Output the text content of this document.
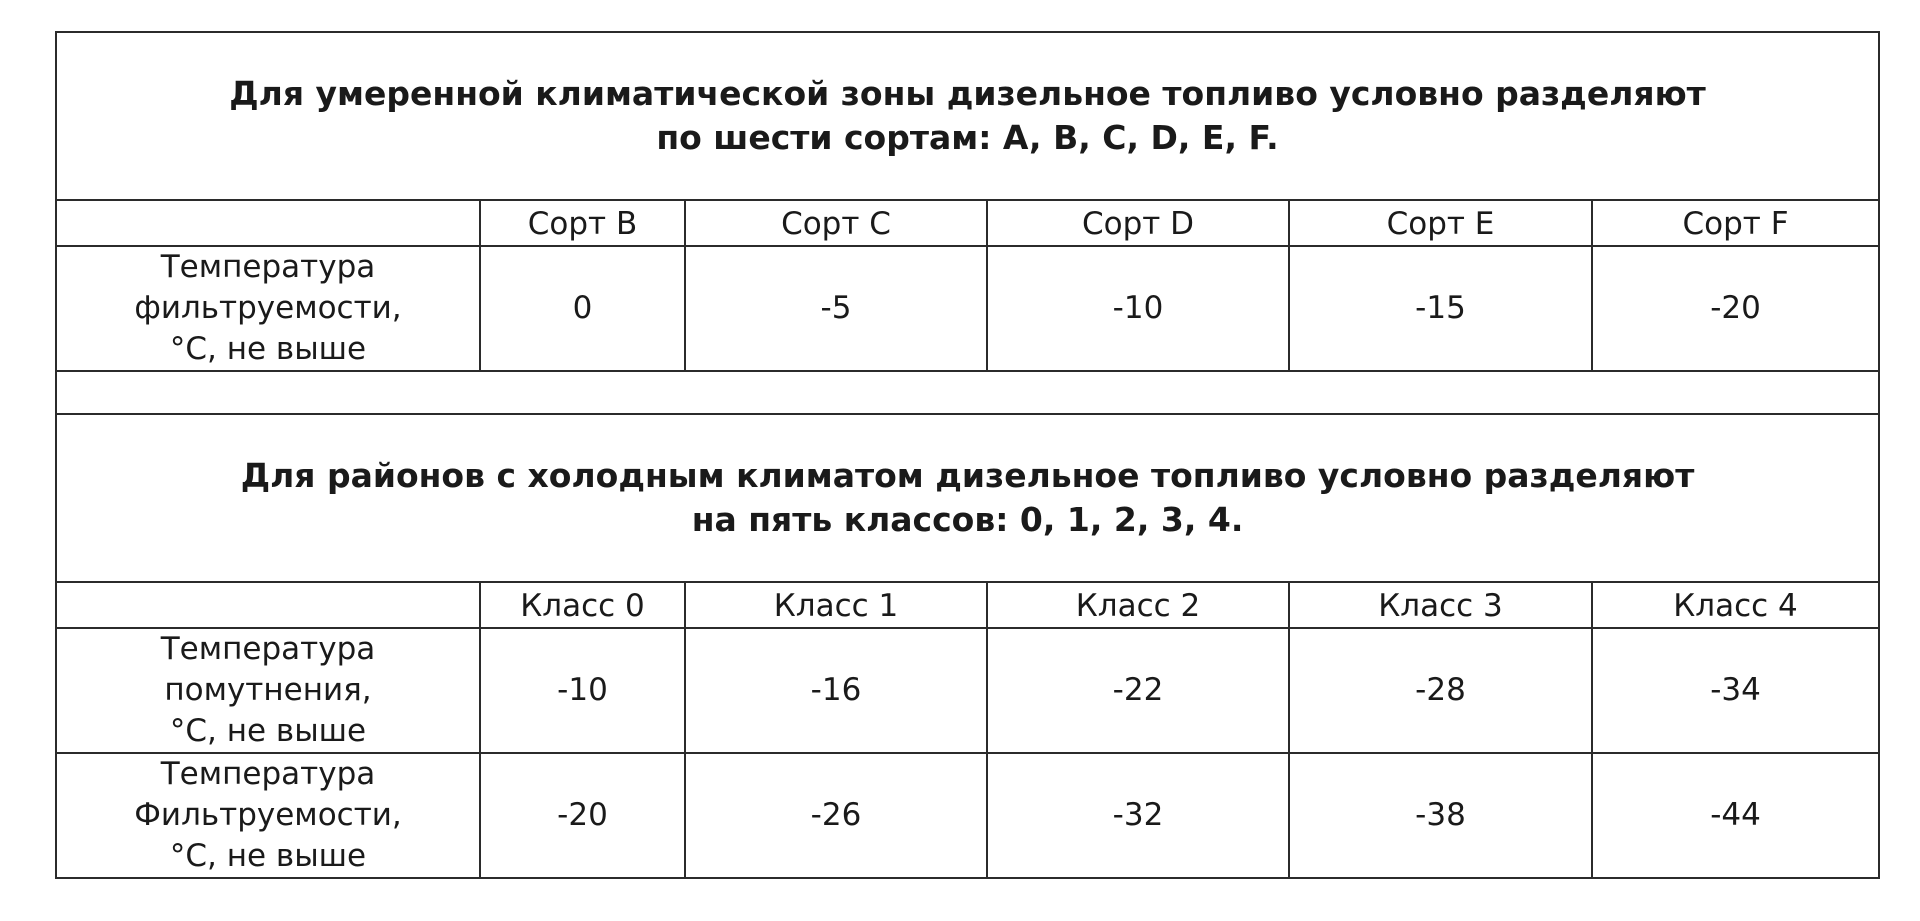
Для умеренной климатической зоны дизельное топливо условно разделяют
по шести сортам: A, B, C, D, E, F.					

	Сорт B	Сорт C	Сорт D	Сорт E	Сорт F

Температура
фильтруемости,
°С, не выше	0	-5	-10	-15	-20

Для районов с холодным климатом дизельное топливо условно разделяют
на пять классов: 0, 1, 2, 3, 4.					

	Класс 0	Класс 1	Класс 2	Класс 3	Класс 4

Температура
помутнения,
°С, не выше	-10	-16	-22	-28	-34

Температура
Фильтруемости,
°С, не выше	-20	-26	-32	-38	-44
